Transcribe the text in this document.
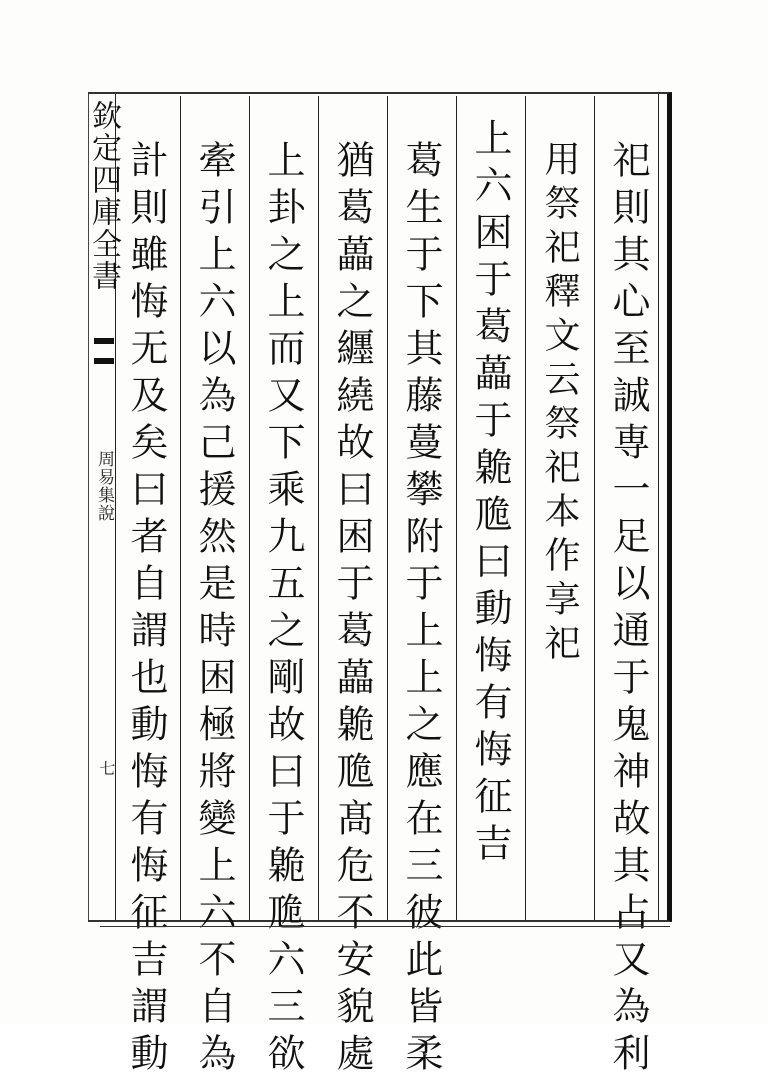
欽定四庫全書
周易集說
七	祀則其心至誠専一足以通于鬼神故其占又為利
用祭祀釋文云祭祀本作享祀
上六困于葛藟于臲卼曰動悔有悔征吉
葛生于下其藤蔓攀附于上上之應在三彼此皆柔
猶葛藟之纒繞故曰困于葛藟臲卼髙危不安貌處
上卦之上而又下乘九五之剛故曰于臲卼六三欲
牽引上六以為己援然是時困極將變上六不自為
計則雖悔无及矣曰者自謂也動悔有悔征吉謂動
